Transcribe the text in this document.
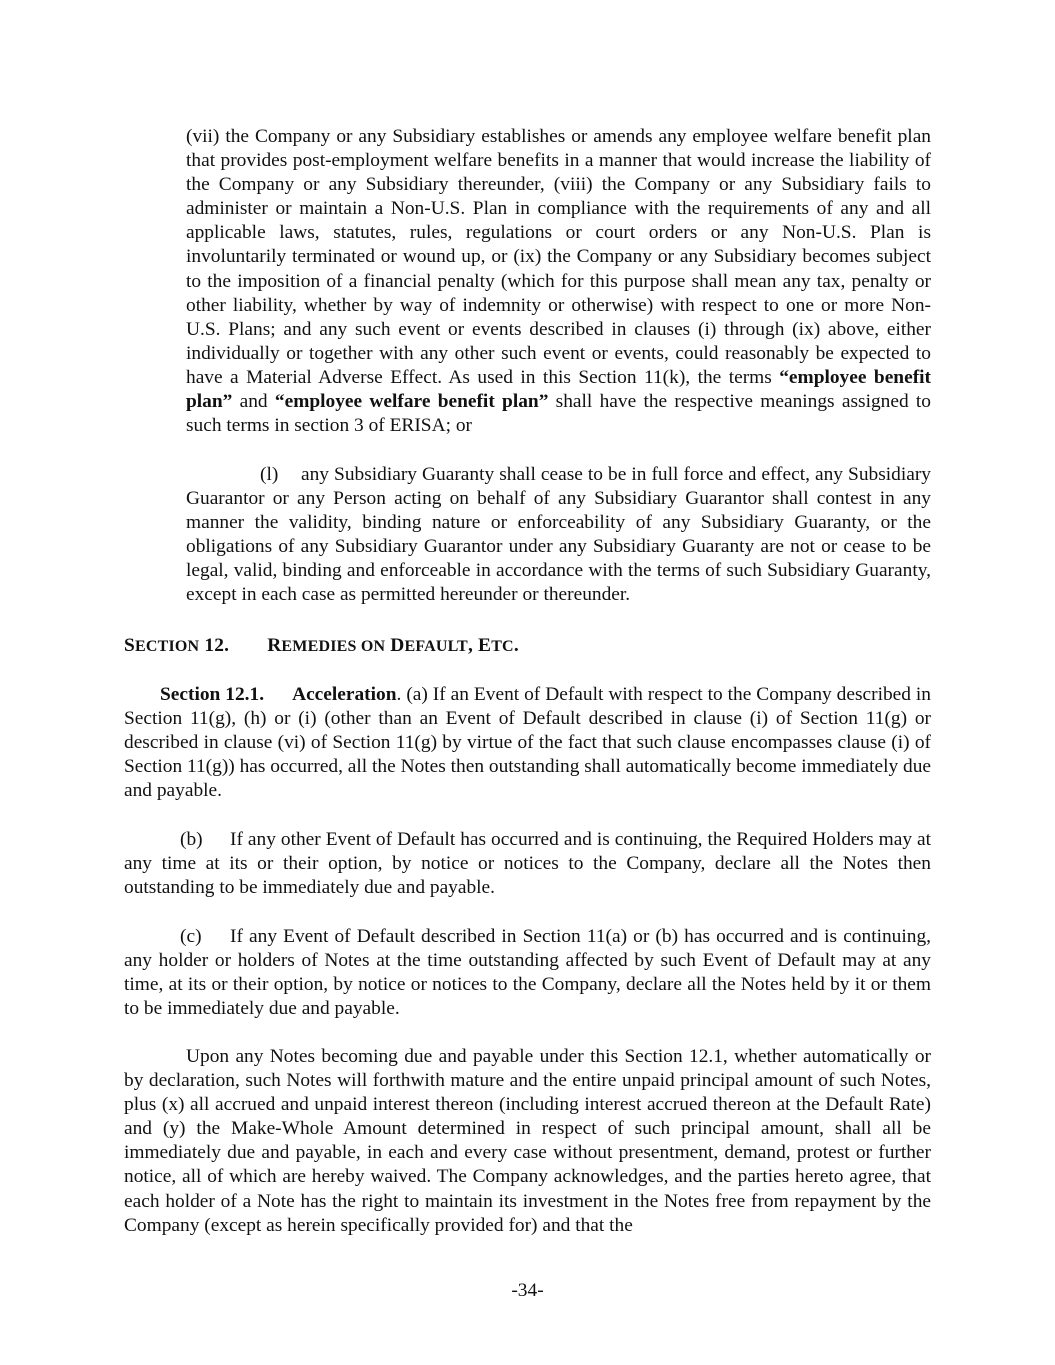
(vii) the Company or any Subsidiary establishes or amends any employee welfare benefit plan that provides post-employment welfare benefits in a manner that would increase the liability of the Company or any Subsidiary thereunder, (viii) the Company or any Subsidiary fails to administer or maintain a Non-U.S. Plan in compliance with the requirements of any and all applicable laws, statutes, rules, regulations or court orders or any Non-U.S. Plan is involuntarily terminated or wound up, or (ix) the Company or any Subsidiary becomes subject to the imposition of a financial penalty (which for this purpose shall mean any tax, penalty or other liability, whether by way of indemnity or otherwise) with respect to one or more Non-U.S. Plans; and any such event or events described in clauses (i) through (ix) above, either individually or together with any other such event or events, could reasonably be expected to have a Material Adverse Effect. As used in this Section 11(k), the terms “employee benefit plan” and “employee welfare benefit plan” shall have the respective meanings assigned to such terms in section 3 of ERISA; or

(l) any Subsidiary Guaranty shall cease to be in full force and effect, any Subsidiary Guarantor or any Person acting on behalf of any Subsidiary Guarantor shall contest in any manner the validity, binding nature or enforceability of any Subsidiary Guaranty, or the obligations of any Subsidiary Guarantor under any Subsidiary Guaranty are not or cease to be legal, valid, binding and enforceable in accordance with the terms of such Subsidiary Guaranty, except in each case as permitted hereunder or thereunder.

SECTION 12. REMEDIES ON DEFAULT, ETC.

Section 12.1. Acceleration. (a) If an Event of Default with respect to the Company described in Section 11(g), (h) or (i) (other than an Event of Default described in clause (i) of Section 11(g) or described in clause (vi) of Section 11(g) by virtue of the fact that such clause encompasses clause (i) of Section 11(g)) has occurred, all the Notes then outstanding shall automatically become immediately due and payable.

(b) If any other Event of Default has occurred and is continuing, the Required Holders may at any time at its or their option, by notice or notices to the Company, declare all the Notes then outstanding to be immediately due and payable.

(c) If any Event of Default described in Section 11(a) or (b) has occurred and is continuing, any holder or holders of Notes at the time outstanding affected by such Event of Default may at any time, at its or their option, by notice or notices to the Company, declare all the Notes held by it or them to be immediately due and payable.

Upon any Notes becoming due and payable under this Section 12.1, whether automatically or by declaration, such Notes will forthwith mature and the entire unpaid principal amount of such Notes, plus (x) all accrued and unpaid interest thereon (including interest accrued thereon at the Default Rate) and (y) the Make-Whole Amount determined in respect of such principal amount, shall all be immediately due and payable, in each and every case without presentment, demand, protest or further notice, all of which are hereby waived. The Company acknowledges, and the parties hereto agree, that each holder of a Note has the right to maintain its investment in the Notes free from repayment by the Company (except as herein specifically provided for) and that the

-34-
